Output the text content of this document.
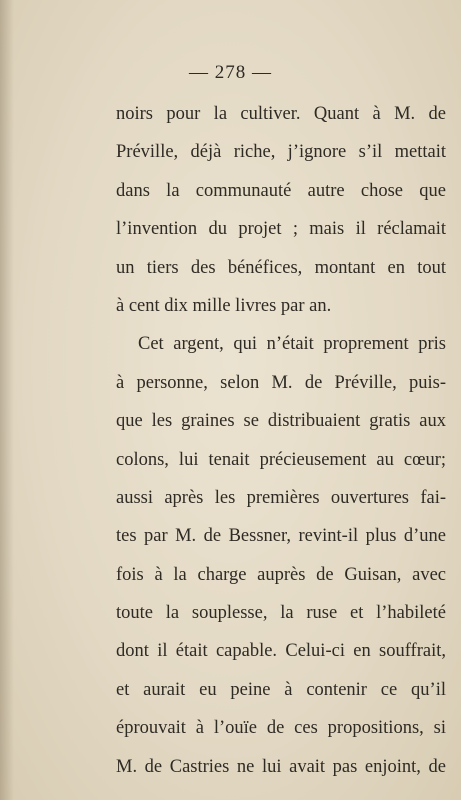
— 278 —
noirs pour la cultiver. Quant à M. de
Préville, déjà riche, j’ignore s’il mettait
dans la communauté autre chose que
l’invention du projet ; mais il réclamait
un tiers des bénéfices, montant en tout
à cent dix mille livres par an.
Cet argent, qui n’était proprement pris
à personne, selon M. de Préville, puis-
que les graines se distribuaient gratis aux
colons, lui tenait précieusement au cœur;
aussi après les premières ouvertures fai-
tes par M. de Bessner, revint-il plus d’une
fois à la charge auprès de Guisan, avec
toute la souplesse, la ruse et l’habileté
dont il était capable. Celui-ci en souffrait,
et aurait eu peine à contenir ce qu’il
éprouvait à l’ouïe de ces propositions, si
M. de Castries ne lui avait pas enjoint, de
